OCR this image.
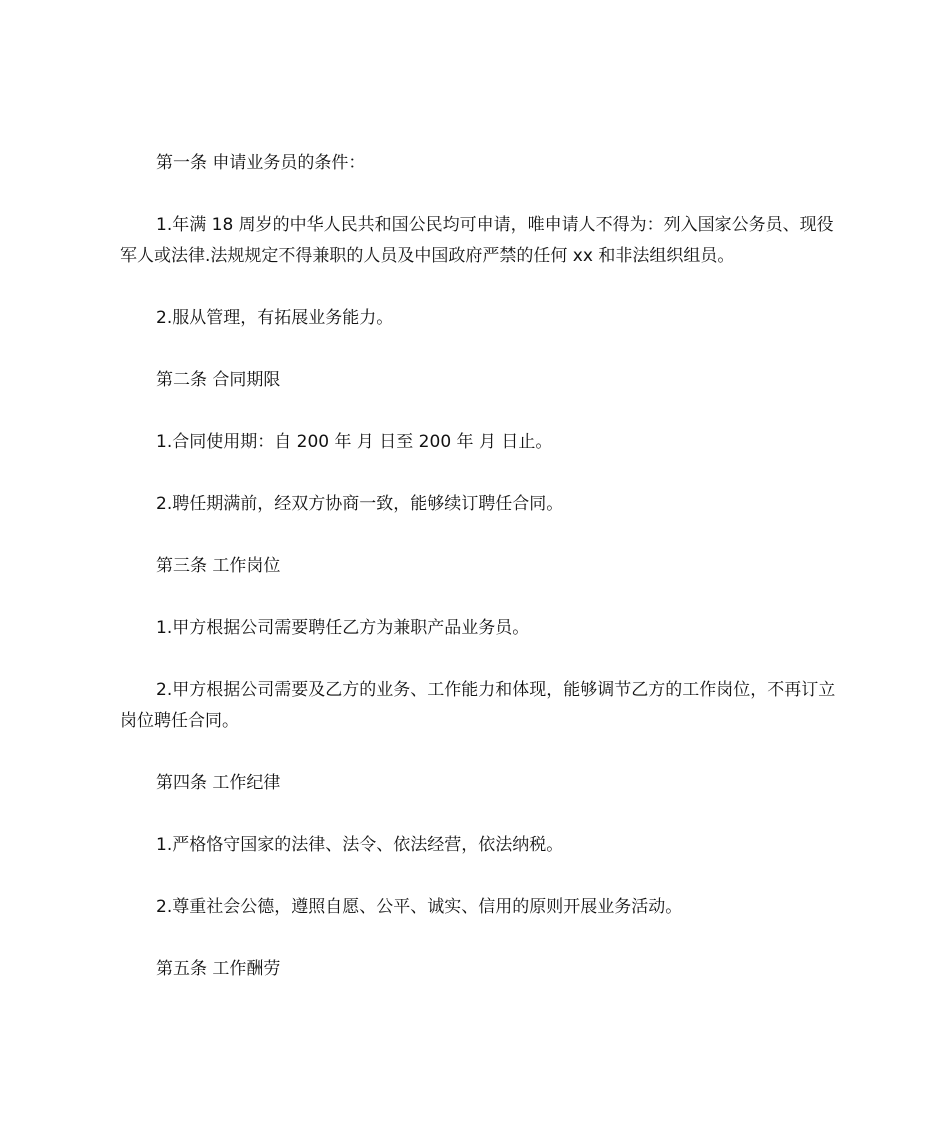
第一条 申请业务员的条件：

1.年满 18 周岁的中华人民共和国公民均可申请，唯申请人不得为：列入国家公务员、现役军人或法律.法规规定不得兼职的人员及中国政府严禁的任何 xx 和非法组织组员。

2.服从管理，有拓展业务能力。

第二条 合同期限

1.合同使用期：自 200 年 月 日至 200 年 月 日止。

2.聘任期满前，经双方协商一致，能够续订聘任合同。

第三条 工作岗位

1.甲方根据公司需要聘任乙方为兼职产品业务员。

2.甲方根据公司需要及乙方的业务、工作能力和体现，能够调节乙方的工作岗位，不再订立岗位聘任合同。

第四条 工作纪律

1.严格恪守国家的法律、法令、依法经营，依法纳税。

2.尊重社会公德，遵照自愿、公平、诚实、信用的原则开展业务活动。

第五条 工作酬劳
